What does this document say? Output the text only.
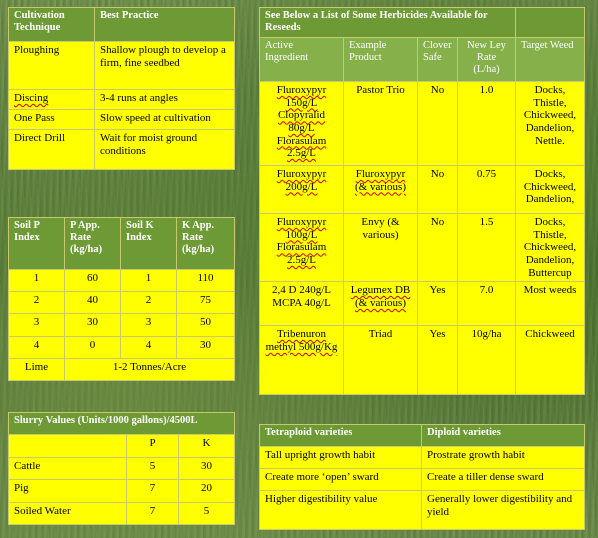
Cultivation Technique	Best Practice
Ploughing	Shallow plough to develop a firm, fine seedbed
Discing	3-4 runs at angles
One Pass	Slow speed at cultivation
Direct Drill	Wait for moist ground conditions
Soil P Index	P App. Rate (kg/ha)	Soil K Index	K App. Rate (kg/ha)
1	60	1	110
2	40	2	75
3	30	3	50
4	0	4	30
Lime	1-2 Tonnes/Acre		
Slurry Values (Units/1000 gallons)/4500L		
	P	K
Cattle	5	30
Pig	7	20
Soiled Water	7	5
See Below a List of Some Herbicides Available for Reseeds				
Active Ingredient	Example Product	Clover Safe	New Ley Rate (L/ha)	Target Weed
Fluroxypyr 150g/L Clopyralid 80g/L Florasulam 2.5g/L	Pastor Trio	No	1.0	Docks, Thistle, Chickweed, Dandelion, Nettle.
Fluroxypyr 200g/L	Fluroxypyr (& various)	No	0.75	Docks, Chickweed, Dandelion,
Fluroxypyr 100g/L Florasulam 2.5g/L	Envy (& various)	No	1.5	Docks, Thistle, Chickweed, Dandelion, Buttercup
2,4 D 240g/L MCPA 40g/L	Legumex DB (& various)	Yes	7.0	Most weeds
Tribenuron methyl 500g/Kg	Triad	Yes	10g/ha	Chickweed
Tetraploid varieties	Diploid varieties
Tall upright growth habit	Prostrate growth habit
Create more ‘open’ sward	Create a tiller dense sward
Higher digestibility value	Generally lower digestibility and yield
